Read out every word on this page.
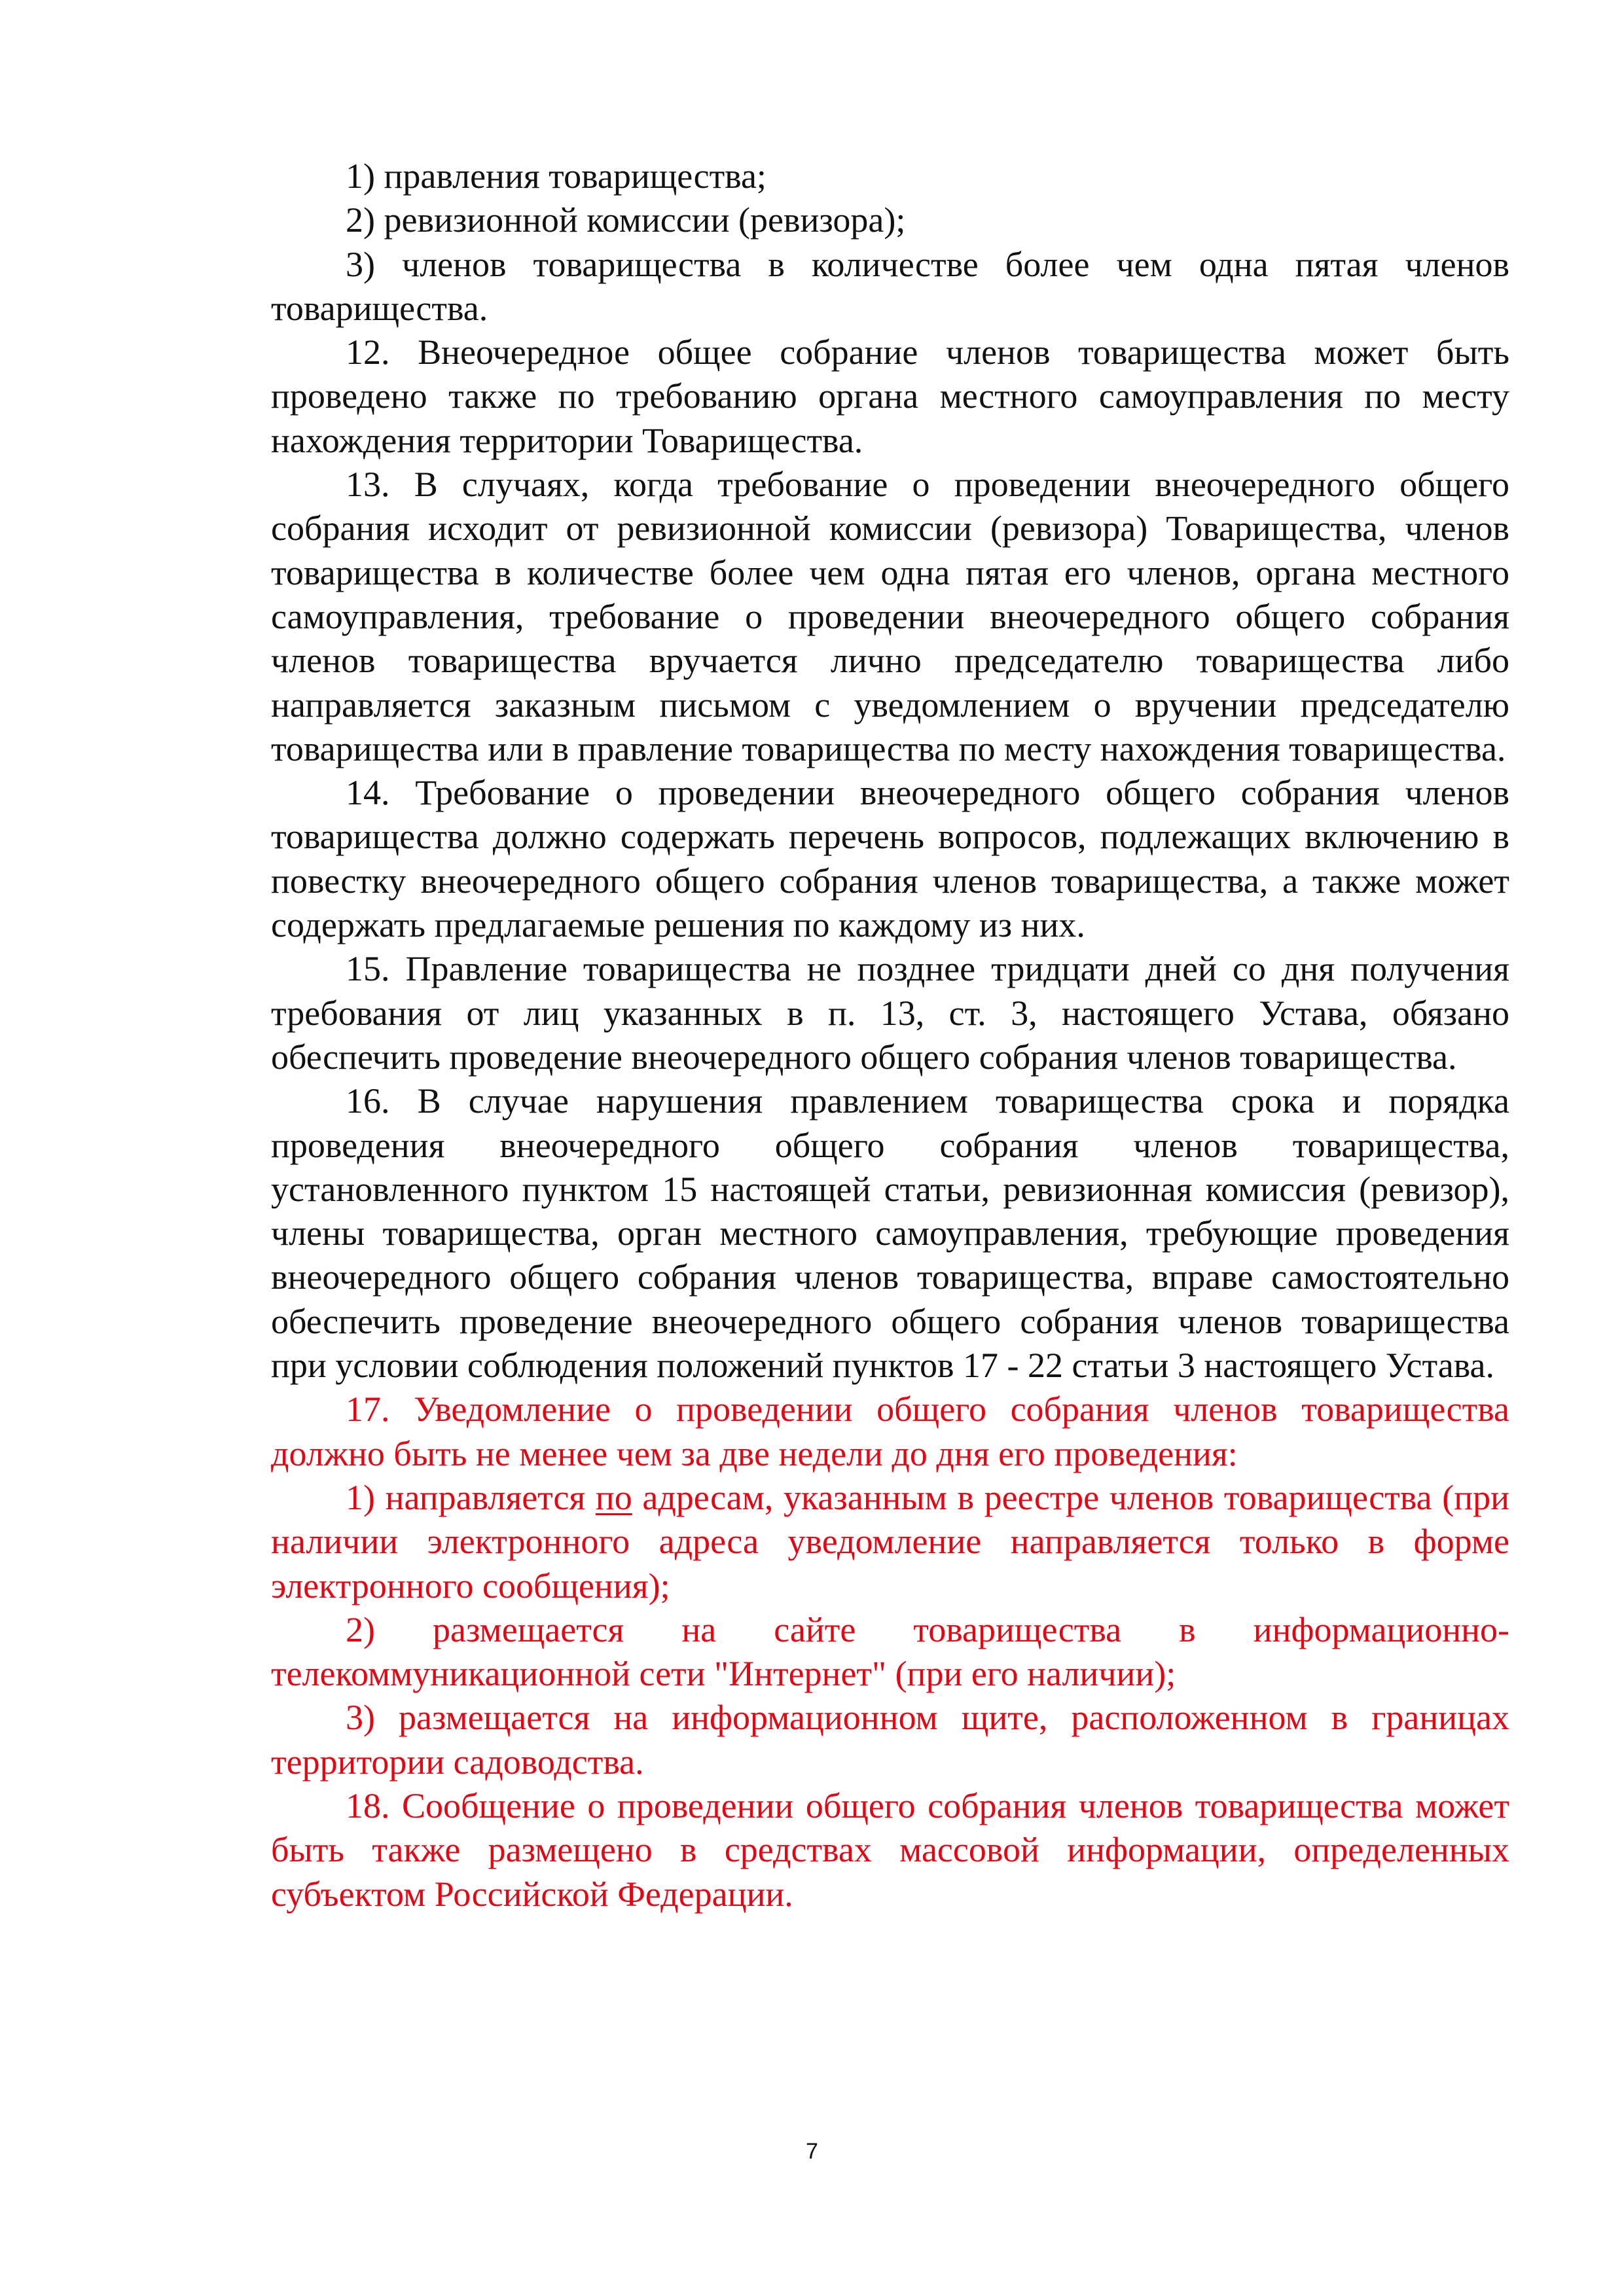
1) правления товарищества;

2) ревизионной комиссии (ревизора);

3) членов товарищества в количестве более чем одна пятая членов товарищества.

12. Внеочередное общее собрание членов товарищества может быть проведено также по требованию органа местного самоуправления по месту нахождения территории Товарищества.

13. В случаях, когда требование о проведении внеочередного общего собрания исходит от ревизионной комиссии (ревизора) Товарищества, членов товарищества в количестве более чем одна пятая его членов, органа местного самоуправления, требование о проведении внеочередного общего собрания членов товарищества вручается лично председателю товарищества либо направляется заказным письмом с уведомлением о вручении председателю товарищества или в правление товарищества по месту нахождения товарищества.

14. Требование о проведении внеочередного общего собрания членов товарищества должно содержать перечень вопросов, подлежащих включению в повестку внеочередного общего собрания членов товарищества, а также может содержать предлагаемые решения по каждому из них.

15. Правление товарищества не позднее тридцати дней со дня получения требования от лиц указанных в п. 13, ст. 3, настоящего Устава, обязано обеспечить проведение внеочередного общего собрания членов товарищества.

16. В случае нарушения правлением товарищества срока и порядка проведения внеочередного общего собрания членов товарищества, установленного пунктом 15 настоящей статьи, ревизионная комиссия (ревизор), члены товарищества, орган местного самоуправления, требующие проведения внеочередного общего собрания членов товарищества, вправе самостоятельно обеспечить проведение внеочередного общего собрания членов товарищества при условии соблюдения положений пунктов 17 - 22 статьи 3 настоящего Устава.

17. Уведомление о проведении общего собрания членов товарищества должно быть не менее чем за две недели до дня его проведения:

1) направляется по адресам, указанным в реестре членов товарищества (при наличии электронного адреса уведомление направляется только в форме электронного сообщения);

2) размещается на сайте товарищества в информационно-телекоммуникационной сети "Интернет" (при его наличии);

3) размещается на информационном щите, расположенном в границах территории садоводства.

18. Сообщение о проведении общего собрания членов товарищества может быть также размещено в средствах массовой информации, определенных субъектом Российской Федерации.

7
